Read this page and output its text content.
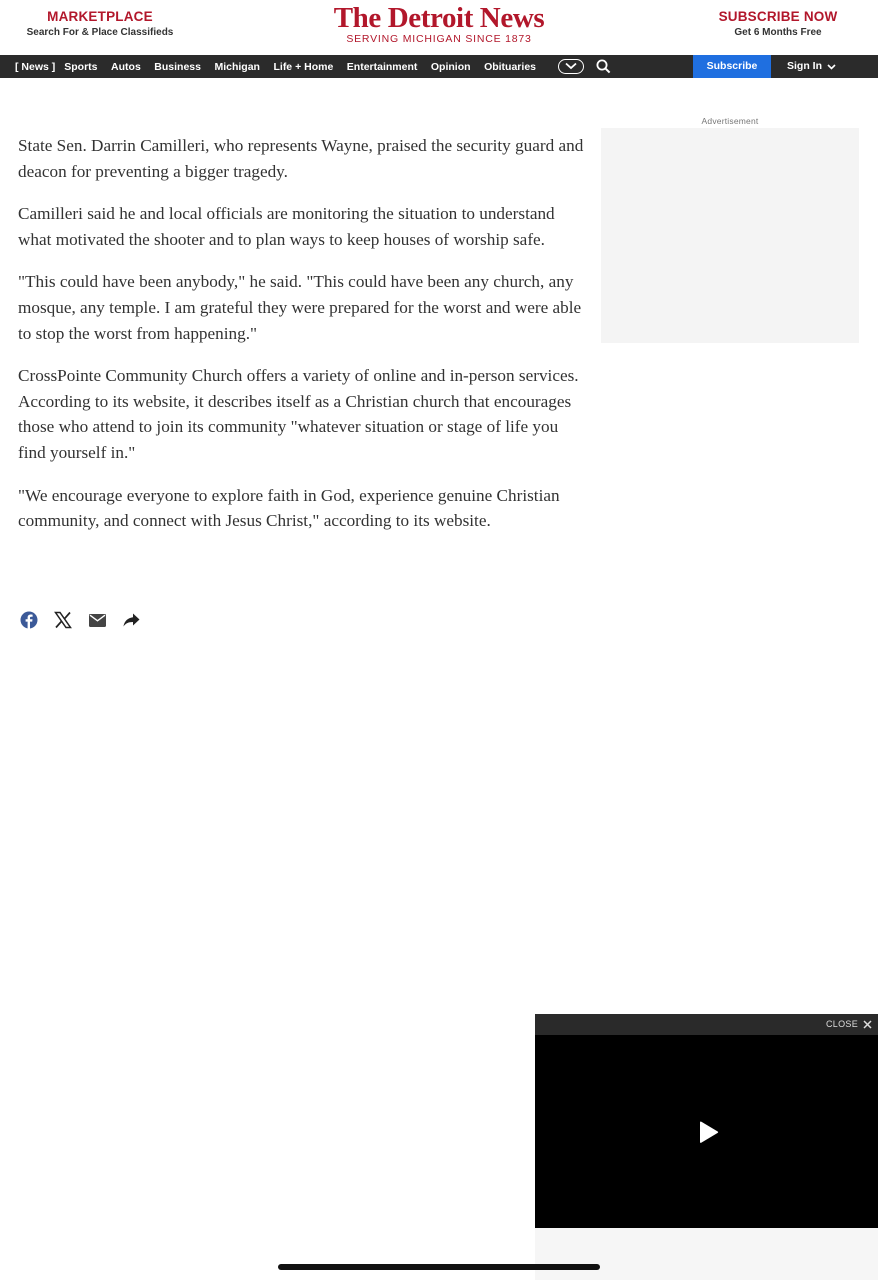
MARKETPLACE
Search For & Place Classifieds	The Detroit News
SERVING MICHIGAN SINCE 1873
SUBSCRIBE NOW
Get 6 Months Free
[ News ] Sports Autos Business Michigan Life + Home Entertainment Opinion Obituaries	Subscribe	Sign In

State Sen. Darrin Camilleri, who represents Wayne, praised the security guard and deacon for preventing a bigger tragedy.

Camilleri said he and local officials are monitoring the situation to understand what motivated the shooter and to plan ways to keep houses of worship safe.

"This could have been anybody," he said. "This could have been any church, any mosque, any temple. I am grateful they were prepared for the worst and were able to stop the worst from happening."

CrossPointe Community Church offers a variety of online and in-person services. According to its website, it describes itself as a Christian church that encourages those who attend to join its community "whatever situation or stage of life you find yourself in."

"We encourage everyone to explore faith in God, experience genuine Christian community, and connect with Jesus Christ," according to its website.

Advertisement
CLOSE
